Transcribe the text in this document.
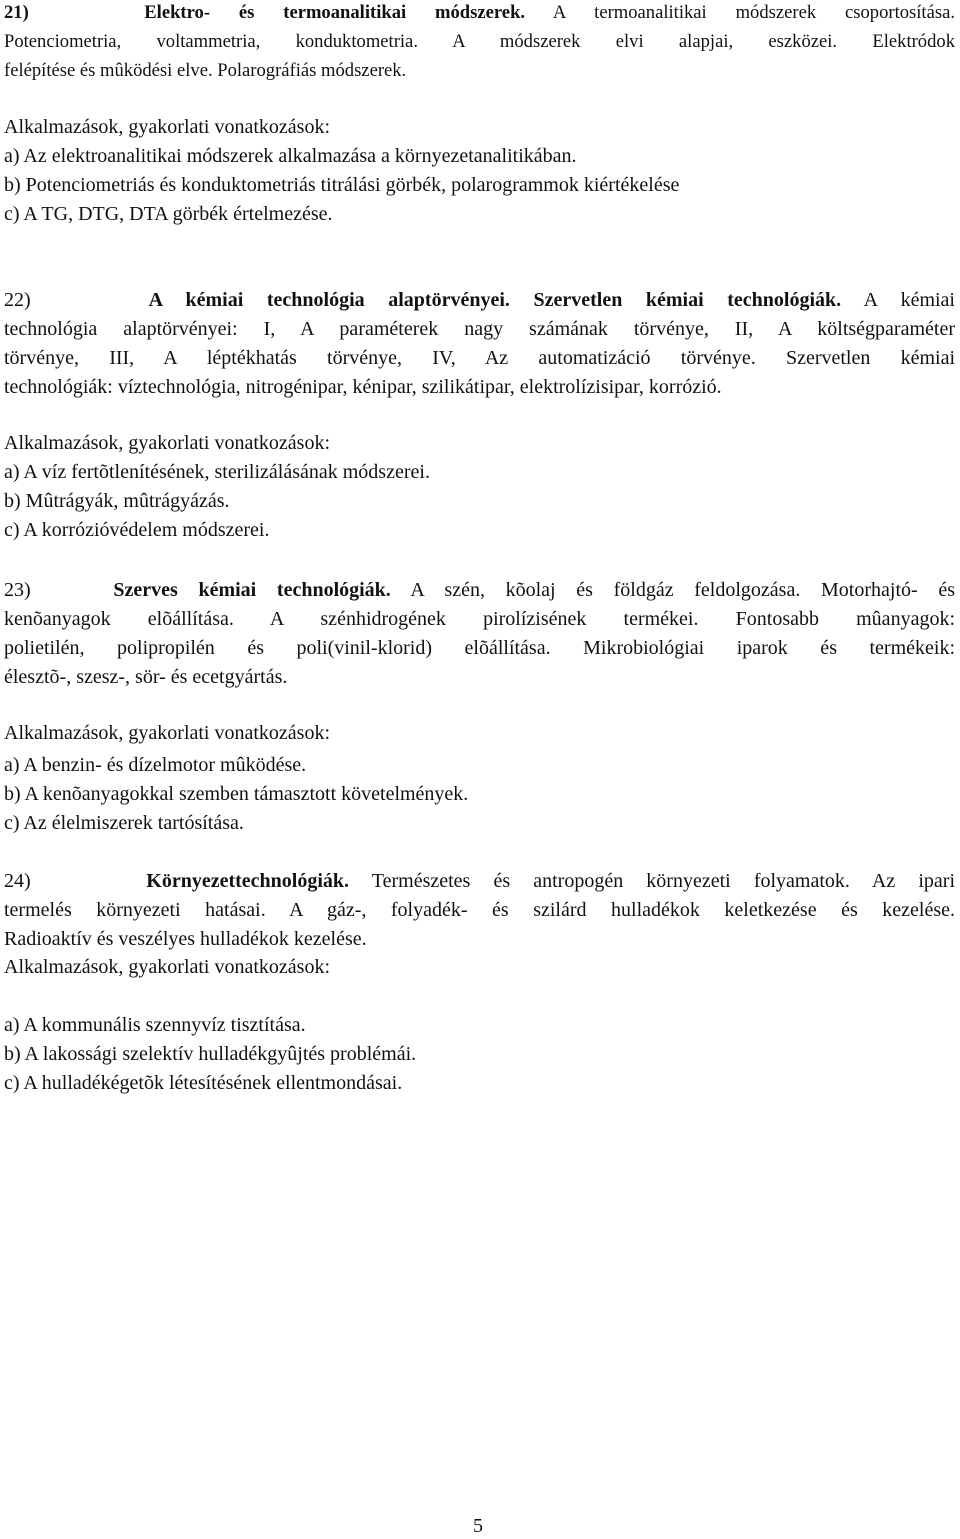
21)	Elektro- és termoanalitikai módszerek. A termoanalitikai módszerek csoportosítása.
Potenciometria, voltammetria, konduktometria. A módszerek elvi alapjai, eszközei. Elektródok
felépítése és mûködési elve. Polarográfiás módszerek.
Alkalmazások, gyakorlati vonatkozások:
a) Az elektroanalitikai módszerek alkalmazása a környezetanalitikában.
b) Potenciometriás és konduktometriás titrálási görbék, polarogrammok kiértékelése
c) A TG, DTG, DTA görbék értelmezése.
22)	A kémiai technológia alaptörvényei. Szervetlen kémiai technológiák. A kémiai
technológia alaptörvényei: I, A paraméterek nagy számának törvénye, II, A költségparaméter
törvénye, III, A léptékhatás törvénye, IV, Az automatizáció törvénye. Szervetlen kémiai
technológiák: víztechnológia, nitrogénipar, kénipar, szilikátipar, elektrolízisipar, korrózió.
Alkalmazások, gyakorlati vonatkozások:
a) A víz fertõtlenítésének, sterilizálásának módszerei.
b) Mûtrágyák, mûtrágyázás.
c) A korrózióvédelem módszerei.
23)	Szerves kémiai technológiák. A szén, kõolaj és földgáz feldolgozása. Motorhajtó- és
kenõanyagok elõállítása. A szénhidrogének pirolízisének termékei. Fontosabb mûanyagok:
polietilén, polipropilén és poli(vinil-klorid) elõállítása. Mikrobiológiai iparok és termékeik:
élesztõ-, szesz-, sör- és ecetgyártás.
Alkalmazások, gyakorlati vonatkozások:
a) A benzin- és dízelmotor mûködése.
b) A kenõanyagokkal szemben támasztott követelmények.
c) Az élelmiszerek tartósítása.
24)	Környezettechnológiák. Természetes és antropogén környezeti folyamatok. Az ipari
termelés környezeti hatásai. A gáz-, folyadék- és szilárd hulladékok keletkezése és kezelése.
Radioaktív és veszélyes hulladékok kezelése.
Alkalmazások, gyakorlati vonatkozások:
a) A kommunális szennyvíz tisztítása.
b) A lakossági szelektív hulladékgyûjtés problémái.
c) A hulladékégetõk létesítésének ellentmondásai.
5
